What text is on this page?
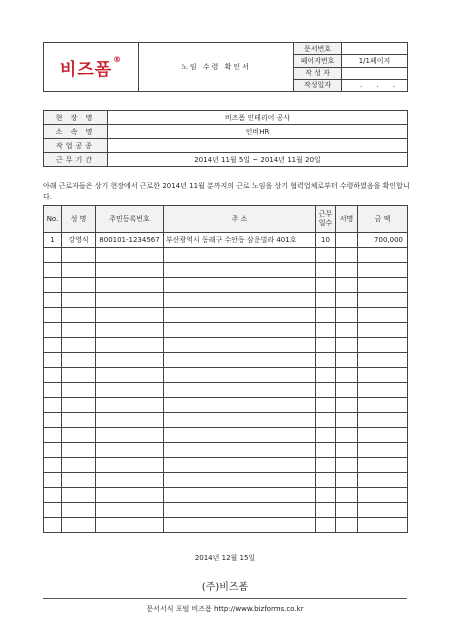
비즈폼®	노임 수령 확인서	문서번호	
		페이지번호	1/1페이지
		작 성 자	
		작성일자	. . .
현 장 명	비즈폼 인테리어 공사
소 속 명	인비HR
작업공종	
근무기간	2014년 11월 5일 ~ 2014년 11월 20일
아래 근로자들은 상기 현장에서 근로한 2014년 11월 분까지의 근로 노임을 상기 협력업체로부터 수령하였음을 확인합니다.
No.	성 명	주민등록번호	주 소	근무일수	서명	금 액
1	강영식	800101-1234567	부산광역시 동래구 수안동 삼운빌라 401호	10		700,000

2014년 12월 15일
(주)비즈폼
문서서식 포털 비즈폼 http://www.bizforms.co.kr
